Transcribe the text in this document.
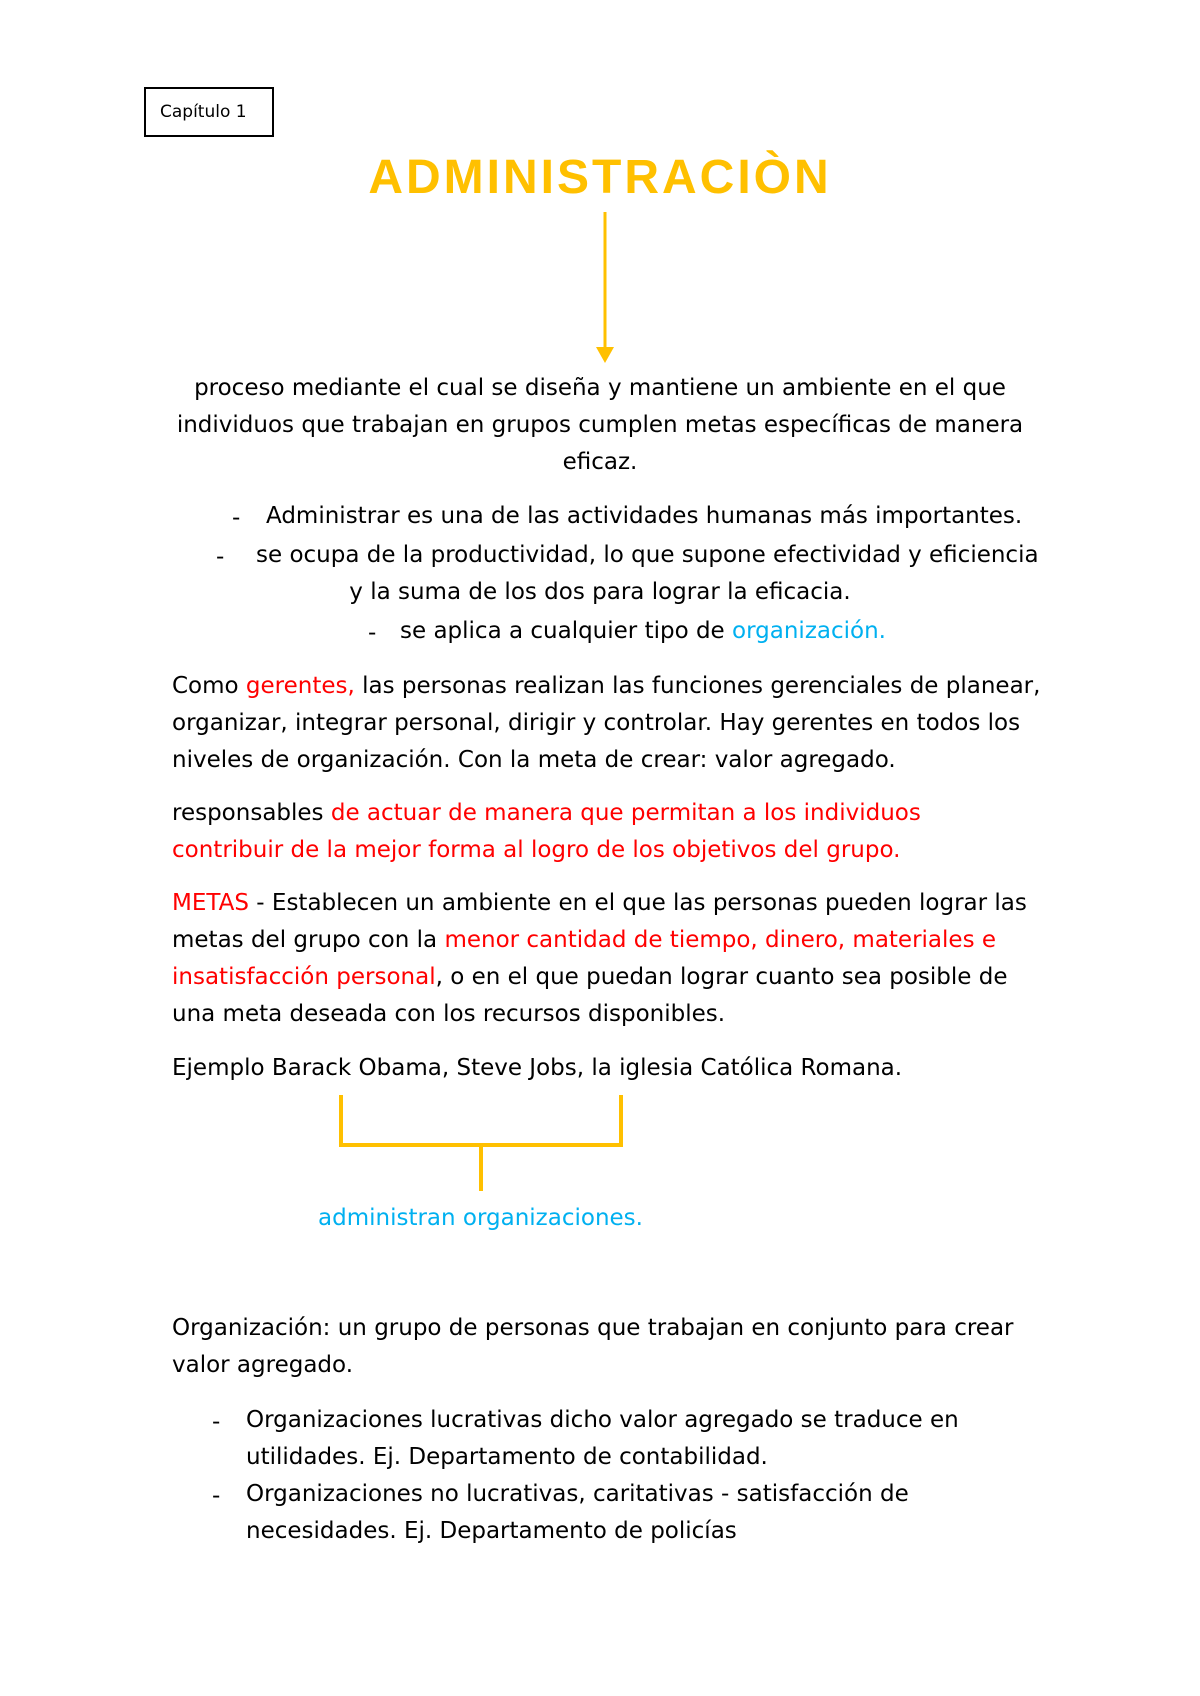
Capítulo 1
ADMINISTRACIÒN
proceso mediante el cual se diseña y mantiene un ambiente en el que
individuos que trabajan en grupos cumplen metas específicas de manera
eficaz.
- Administrar es una de las actividades humanas más importantes.
- se ocupa de la productividad, lo que supone efectividad y eficiencia
y la suma de los dos para lograr la eficacia.
- se aplica a cualquier tipo de organización.
Como gerentes, las personas realizan las funciones gerenciales de planear,
organizar, integrar personal, dirigir y controlar. Hay gerentes en todos los
niveles de organización. Con la meta de crear: valor agregado.
responsables de actuar de manera que permitan a los individuos
contribuir de la mejor forma al logro de los objetivos del grupo.
METAS - Establecen un ambiente en el que las personas pueden lograr las
metas del grupo con la menor cantidad de tiempo, dinero, materiales e
insatisfacción personal, o en el que puedan lograr cuanto sea posible de
una meta deseada con los recursos disponibles.
Ejemplo Barack Obama, Steve Jobs, la iglesia Católica Romana.
administran organizaciones.
Organización: un grupo de personas que trabajan en conjunto para crear
valor agregado.
- Organizaciones lucrativas dicho valor agregado se traduce en
utilidades. Ej. Departamento de contabilidad.
- Organizaciones no lucrativas, caritativas - satisfacción de
necesidades. Ej. Departamento de policías
